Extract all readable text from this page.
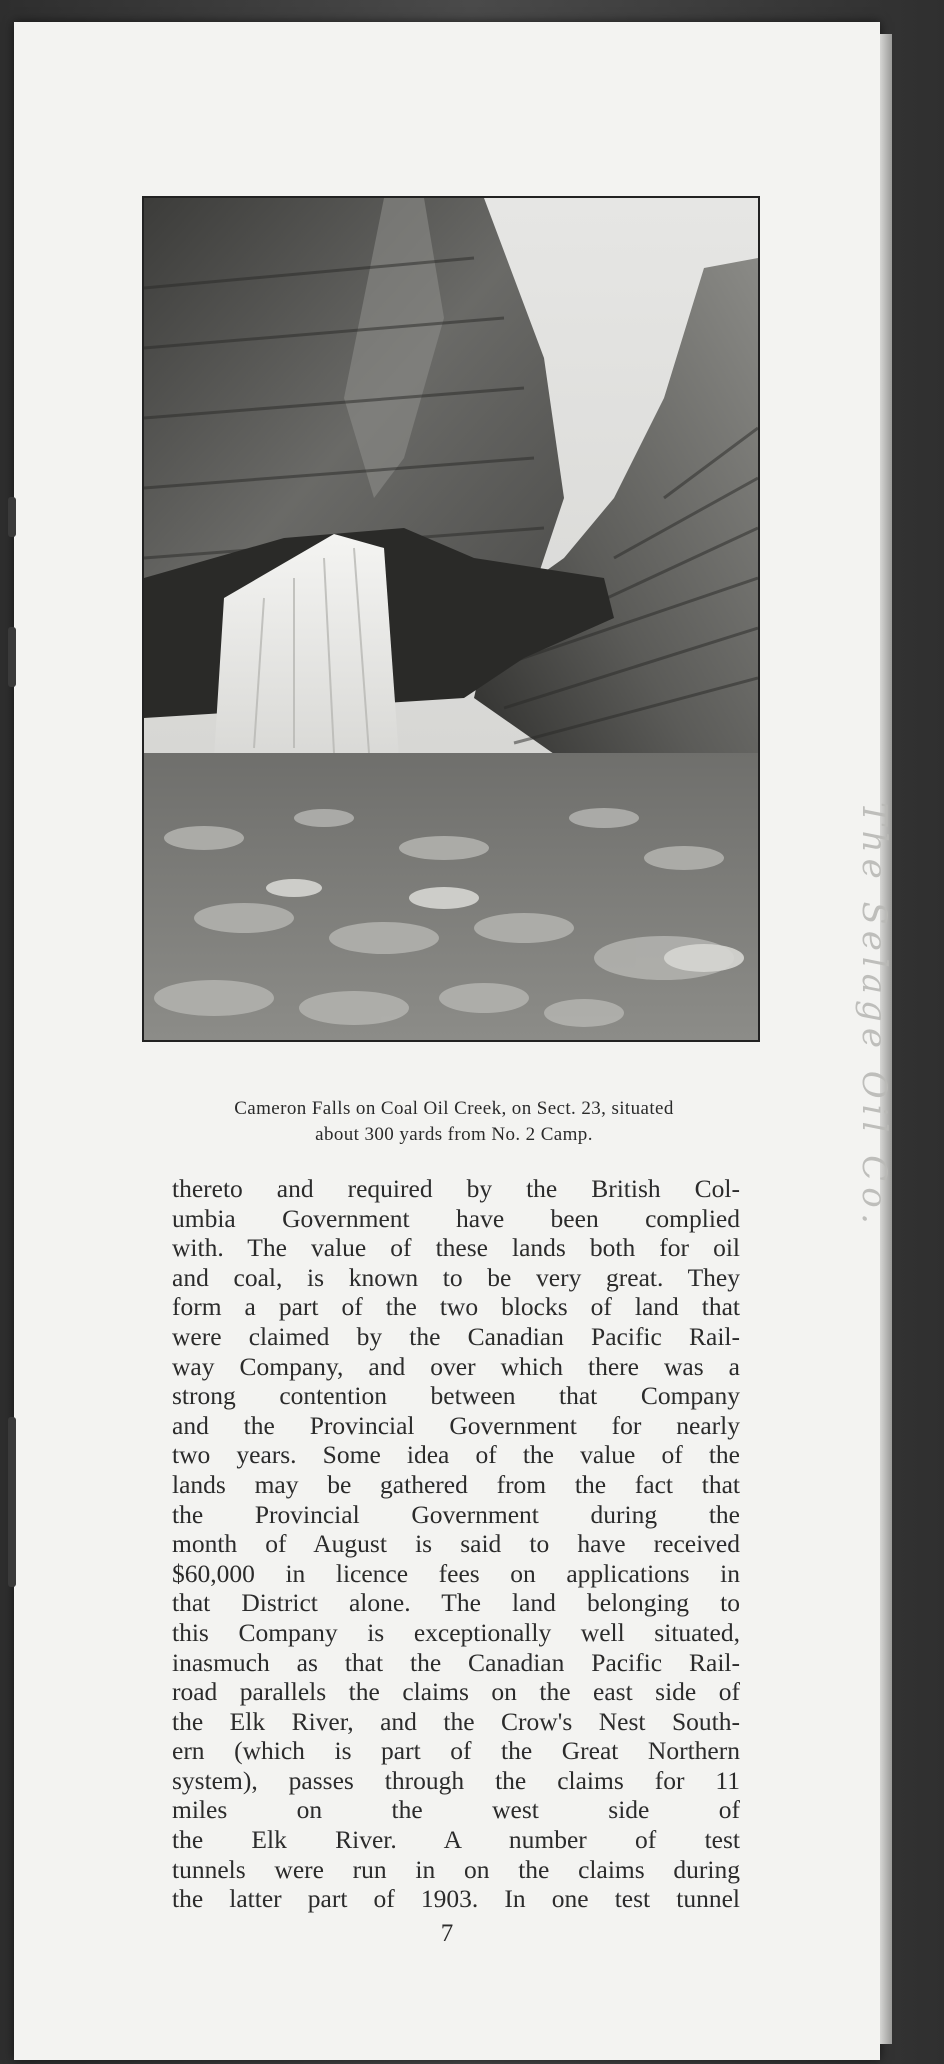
Cameron Falls on Coal Oil Creek, on Sect. 23, situated
about 300 yards from No. 2 Camp.
thereto and required by the British Col-
umbia Government have been complied
with. The value of these lands both for oil
and coal, is known to be very great. They
form a part of the two blocks of land that
were claimed by the Canadian Pacific Rail-
way Company, and over which there was a
strong contention between that Company
and the Provincial Government for nearly
two years. Some idea of the value of the
lands may be gathered from the fact that
the Provincial Government during the
month of August is said to have received
$60,000 in licence fees on applications in
that District alone. The land belonging to
this Company is exceptionally well situated,
inasmuch as that the Canadian Pacific Rail-
road parallels the claims on the east side of
the Elk River, and the Crow's Nest South-
ern (which is part of the Great Northern
system), passes through the claims for 11
miles on the west side of
the Elk River. A number of test
tunnels were run in on the claims during
the latter part of 1903. In one test tunnel
7
The Selage Oil Co.
